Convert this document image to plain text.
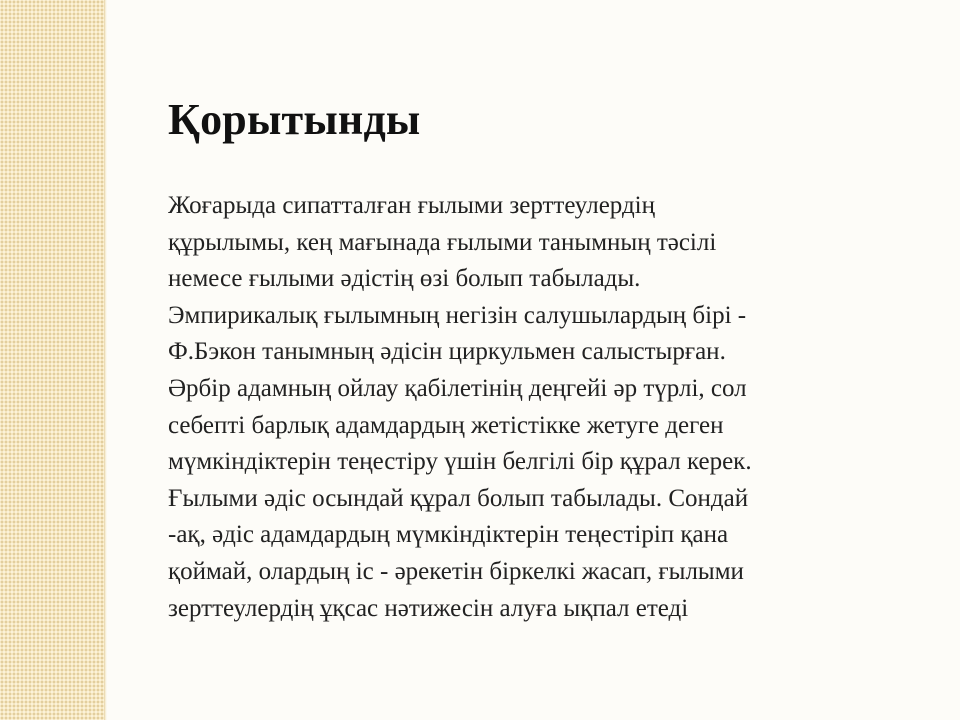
Қорытынды
Жоғарыда сипатталған ғылыми зерттеулердің
құрылымы, кең мағынада ғылыми танымның тәсілі
немесе ғылыми әдістің өзі болып табылады.
Эмпирикалық ғылымның негізін салушылардың бірі -
Ф.Бэкон танымның әдісін циркульмен салыстырған.
Әрбір адамның ойлау қабілетінің деңгейі әр түрлі, сол
себепті барлық адамдардың жетістікке жетуге деген
мүмкіндіктерін теңестіру үшін белгілі бір құрал керек.
Ғылыми әдіс осындай құрал болып табылады. Сондай
-ақ, әдіс адамдардың мүмкіндіктерін теңестіріп қана
қоймай, олардың іс - әрекетін біркелкі жасап, ғылыми
зерттеулердің ұқсас нәтижесін алуға ықпал етеді
